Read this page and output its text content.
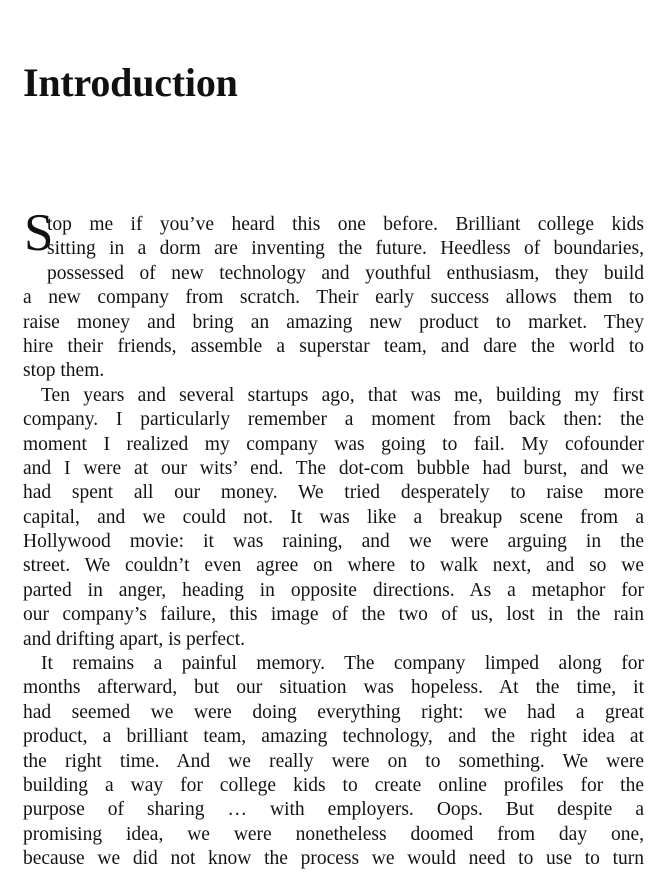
Introduction
S
top me if you’ve heard this one before. Brilliant college kids
sitting in a dorm are inventing the future. Heedless of boundaries,
possessed of new technology and youthful enthusiasm, they build
a new company from scratch. Their early success allows them to
raise money and bring an amazing new product to market. They
hire their friends, assemble a superstar team, and dare the world to
stop them.
Ten years and several startups ago, that was me, building my first
company. I particularly remember a moment from back then: the
moment I realized my company was going to fail. My cofounder
and I were at our wits’ end. The dot-com bubble had burst, and we
had spent all our money. We tried desperately to raise more
capital, and we could not. It was like a breakup scene from a
Hollywood movie: it was raining, and we were arguing in the
street. We couldn’t even agree on where to walk next, and so we
parted in anger, heading in opposite directions. As a metaphor for
our company’s failure, this image of the two of us, lost in the rain
and drifting apart, is perfect.
It remains a painful memory. The company limped along for
months afterward, but our situation was hopeless. At the time, it
had seemed we were doing everything right: we had a great
product, a brilliant team, amazing technology, and the right idea at
the right time. And we really were on to something. We were
building a way for college kids to create online profiles for the
purpose of sharing … with employers. Oops. But despite a
promising idea, we were nonetheless doomed from day one,
because we did not know the process we would need to use to turn
